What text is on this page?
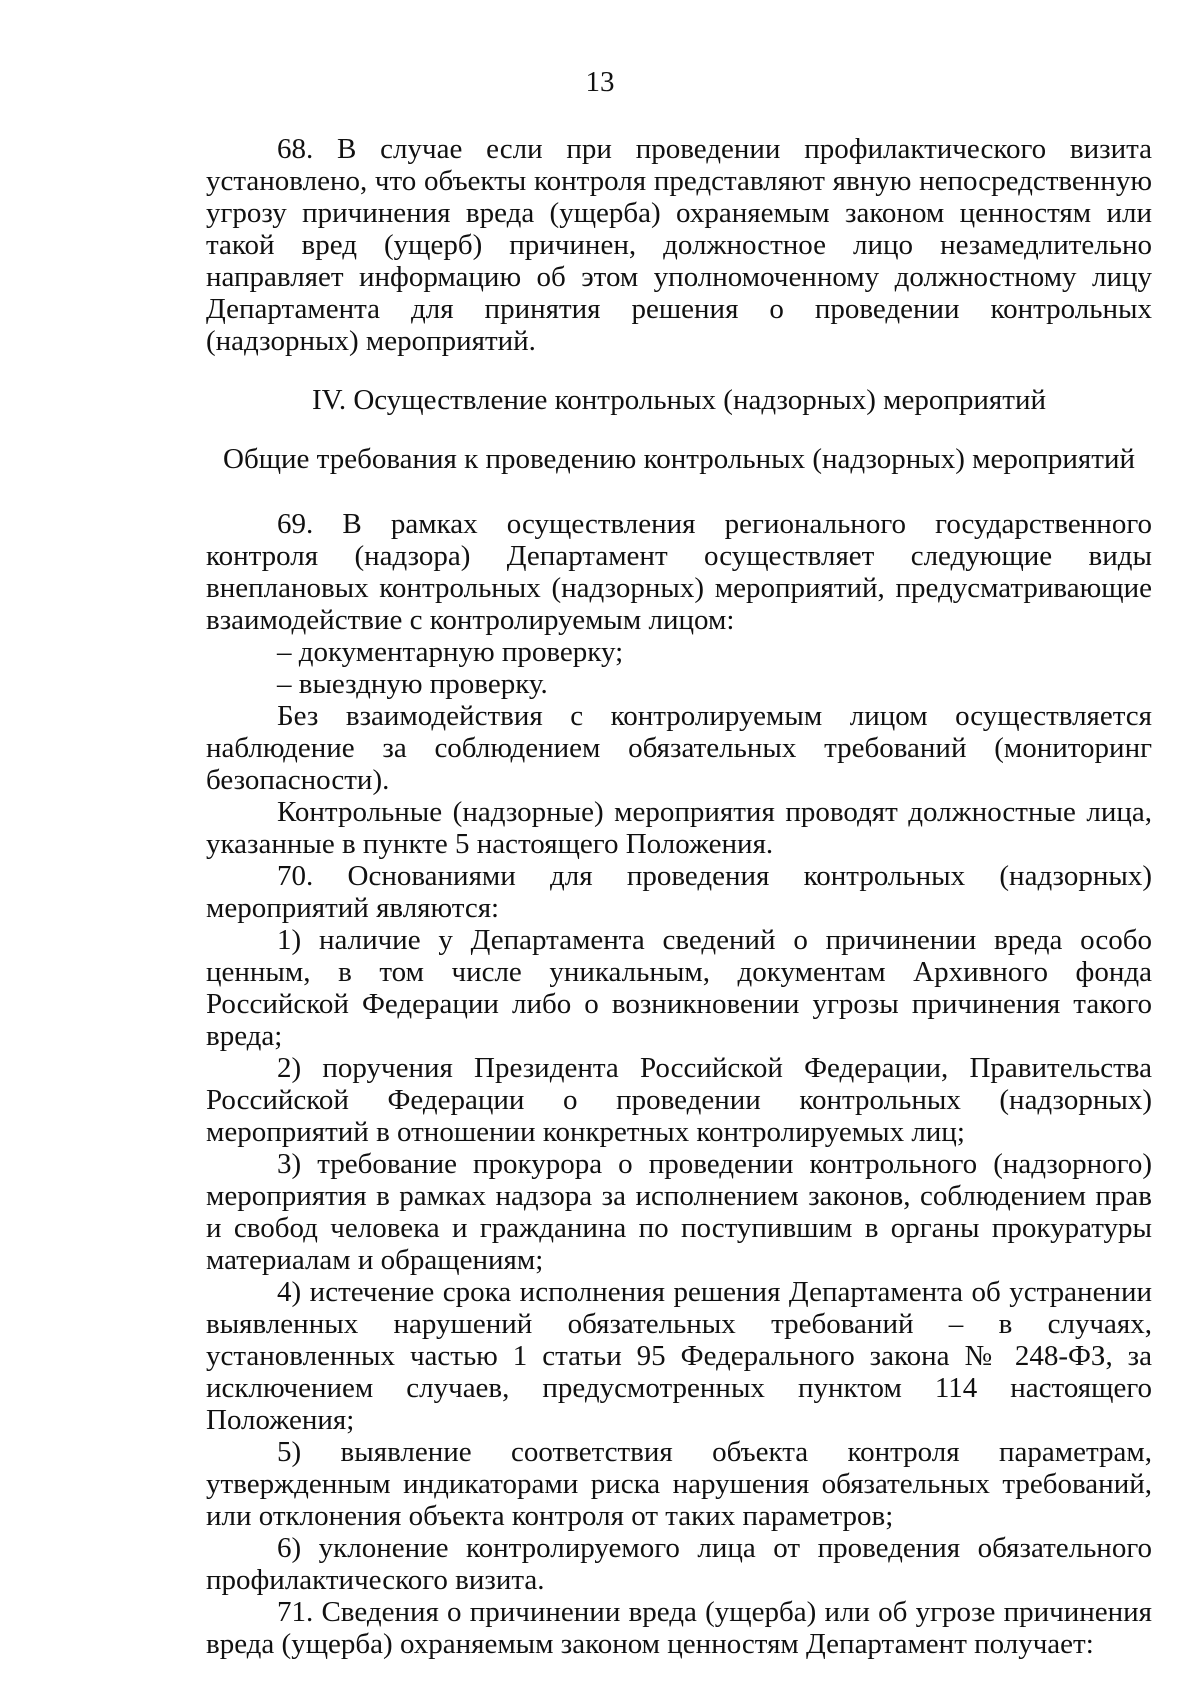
13

68. В случае если при проведении профилактического визита установлено, что объекты контроля представляют явную непосредственную угрозу причинения вреда (ущерба) охраняемым законом ценностям или такой вред (ущерб) причинен, должностное лицо незамедлительно направляет информацию об этом уполномоченному должностному лицу Департамента для принятия решения о проведении контрольных (надзорных) мероприятий.

IV. Осуществление контрольных (надзорных) мероприятий
Общие требования к проведению контрольных (надзорных) мероприятий

69. В рамках осуществления регионального государственного контроля (надзора) Департамент осуществляет следующие виды внеплановых контрольных (надзорных) мероприятий, предусматривающие взаимодействие с контролируемым лицом:

– документарную проверку;

– выездную проверку.

Без взаимодействия с контролируемым лицом осуществляется наблюдение за соблюдением обязательных требований (мониторинг безопасности).

Контрольные (надзорные) мероприятия проводят должностные лица, указанные в пункте 5 настоящего Положения.

70. Основаниями для проведения контрольных (надзорных) мероприятий являются:

1) наличие у Департамента сведений о причинении вреда особо ценным, в том числе уникальным, документам Архивного фонда Российской Федерации либо о возникновении угрозы причинения такого вреда;

2) поручения Президента Российской Федерации, Правительства Российской Федерации о проведении контрольных (надзорных) мероприятий в отношении конкретных контролируемых лиц;

3) требование прокурора о проведении контрольного (надзорного) мероприятия в рамках надзора за исполнением законов, соблюдением прав и свобод человека и гражданина по поступившим в органы прокуратуры материалам и обращениям;

4) истечение срока исполнения решения Департамента об устранении выявленных нарушений обязательных требований – в случаях, установленных частью 1 статьи 95 Федерального закона № 248-ФЗ, за исключением случаев, предусмотренных пунктом 114 настоящего Положения;

5) выявление соответствия объекта контроля параметрам, утвержденным индикаторами риска нарушения обязательных требований, или отклонения объекта контроля от таких параметров;

6) уклонение контролируемого лица от проведения обязательного профилактического визита.

71. Сведения о причинении вреда (ущерба) или об угрозе причинения вреда (ущерба) охраняемым законом ценностям Департамент получает:
